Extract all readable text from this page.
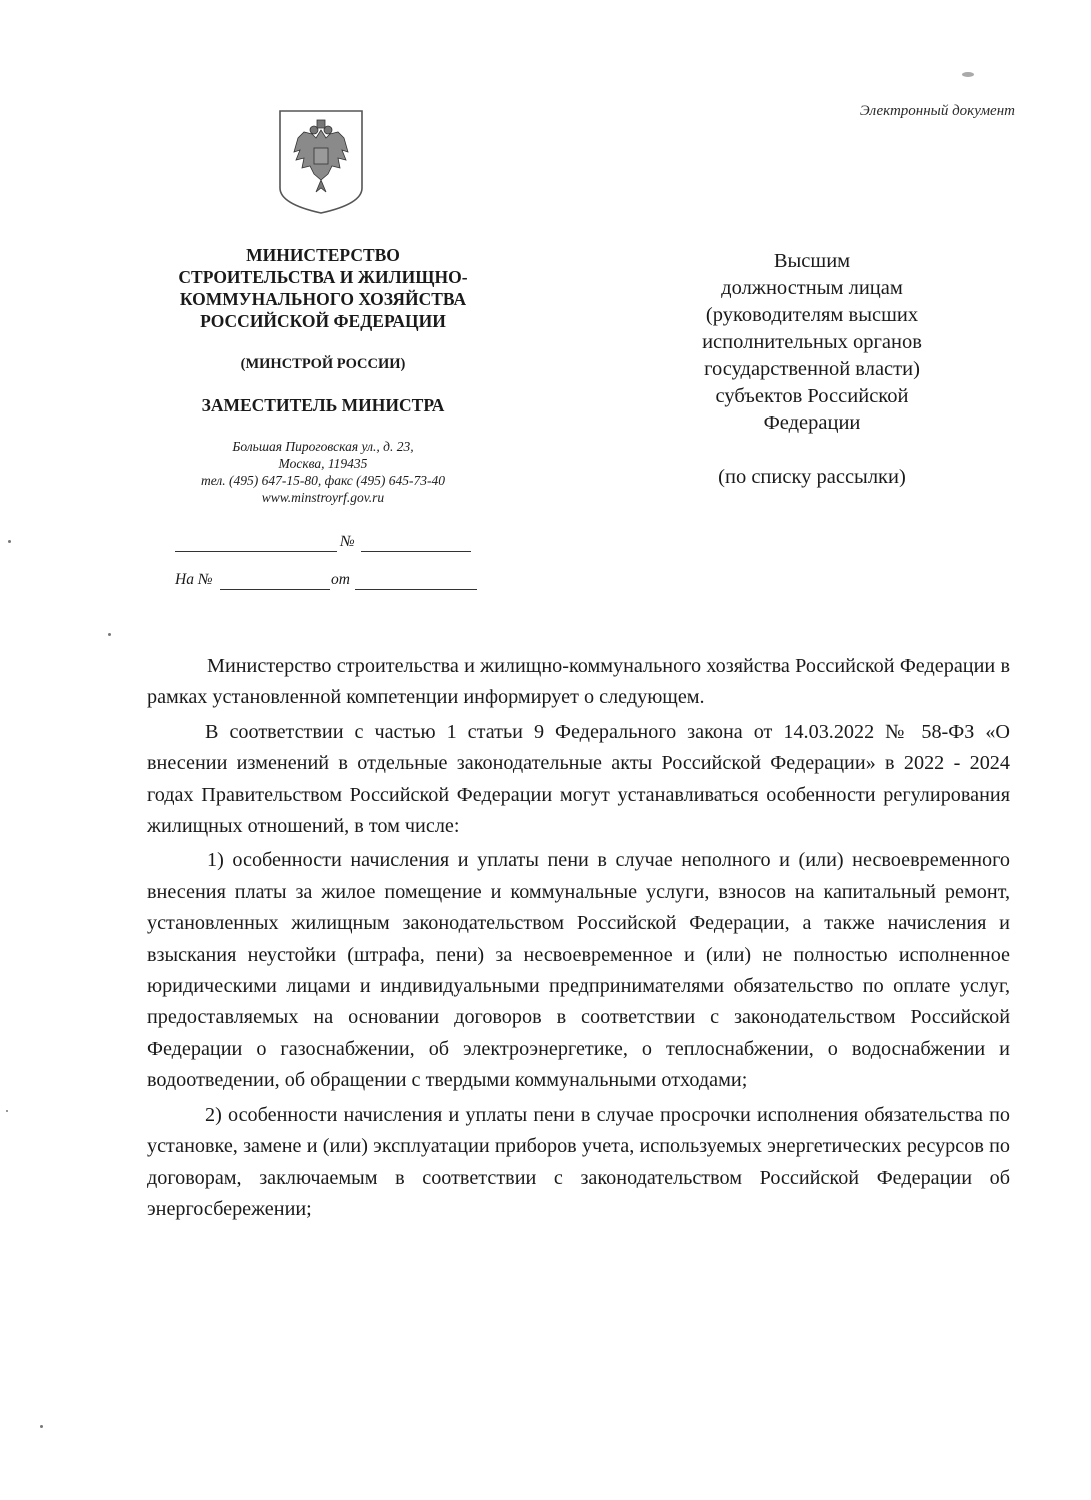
Электронный документ
МИНИСТЕРСТВО
СТРОИТЕЛЬСТВА И ЖИЛИЩНО-
КОММУНАЛЬНОГО ХОЗЯЙСТВА
РОССИЙСКОЙ ФЕДЕРАЦИИ
(МИНСТРОЙ РОССИИ)
ЗАМЕСТИТЕЛЬ МИНИСТРА
Большая Пироговская ул., д. 23,
Москва, 119435
тел. (495) 647-15-80, факс (495) 645-73-40
www.minstroyrf.gov.ru
№
На №	от
Высшим
должностным лицам
(руководителям высших
исполнительных органов
государственной власти)
субъектов Российской
Федерации
(по списку рассылки)

Министерство строительства и жилищно-коммунального хозяйства Российской Федерации в рамках установленной компетенции информирует о следующем.

В соответствии с частью 1 статьи 9 Федерального закона от 14.03.2022 № 58-ФЗ «О внесении изменений в отдельные законодательные акты Российской Федерации» в 2022 - 2024 годах Правительством Российской Федерации могут устанавливаться особенности регулирования жилищных отношений, в том числе:

1) особенности начисления и уплаты пени в случае неполного и (или) несвоевременного внесения платы за жилое помещение и коммунальные услуги, взносов на капитальный ремонт, установленных жилищным законодательством Российской Федерации, а также начисления и взыскания неустойки (штрафа, пени) за несвоевременное и (или) не полностью исполненное юридическими лицами и индивидуальными предпринимателями обязательство по оплате услуг, предоставляемых на основании договоров в соответствии с законодательством Российской Федерации о газоснабжении, об электроэнергетике, о теплоснабжении, о водоснабжении и водоотведении, об обращении с твердыми коммунальными отходами;

2) особенности начисления и уплаты пени в случае просрочки исполнения обязательства по установке, замене и (или) эксплуатации приборов учета, используемых энергетических ресурсов по договорам, заключаемым в соответствии с законодательством Российской Федерации об энергосбережении;
